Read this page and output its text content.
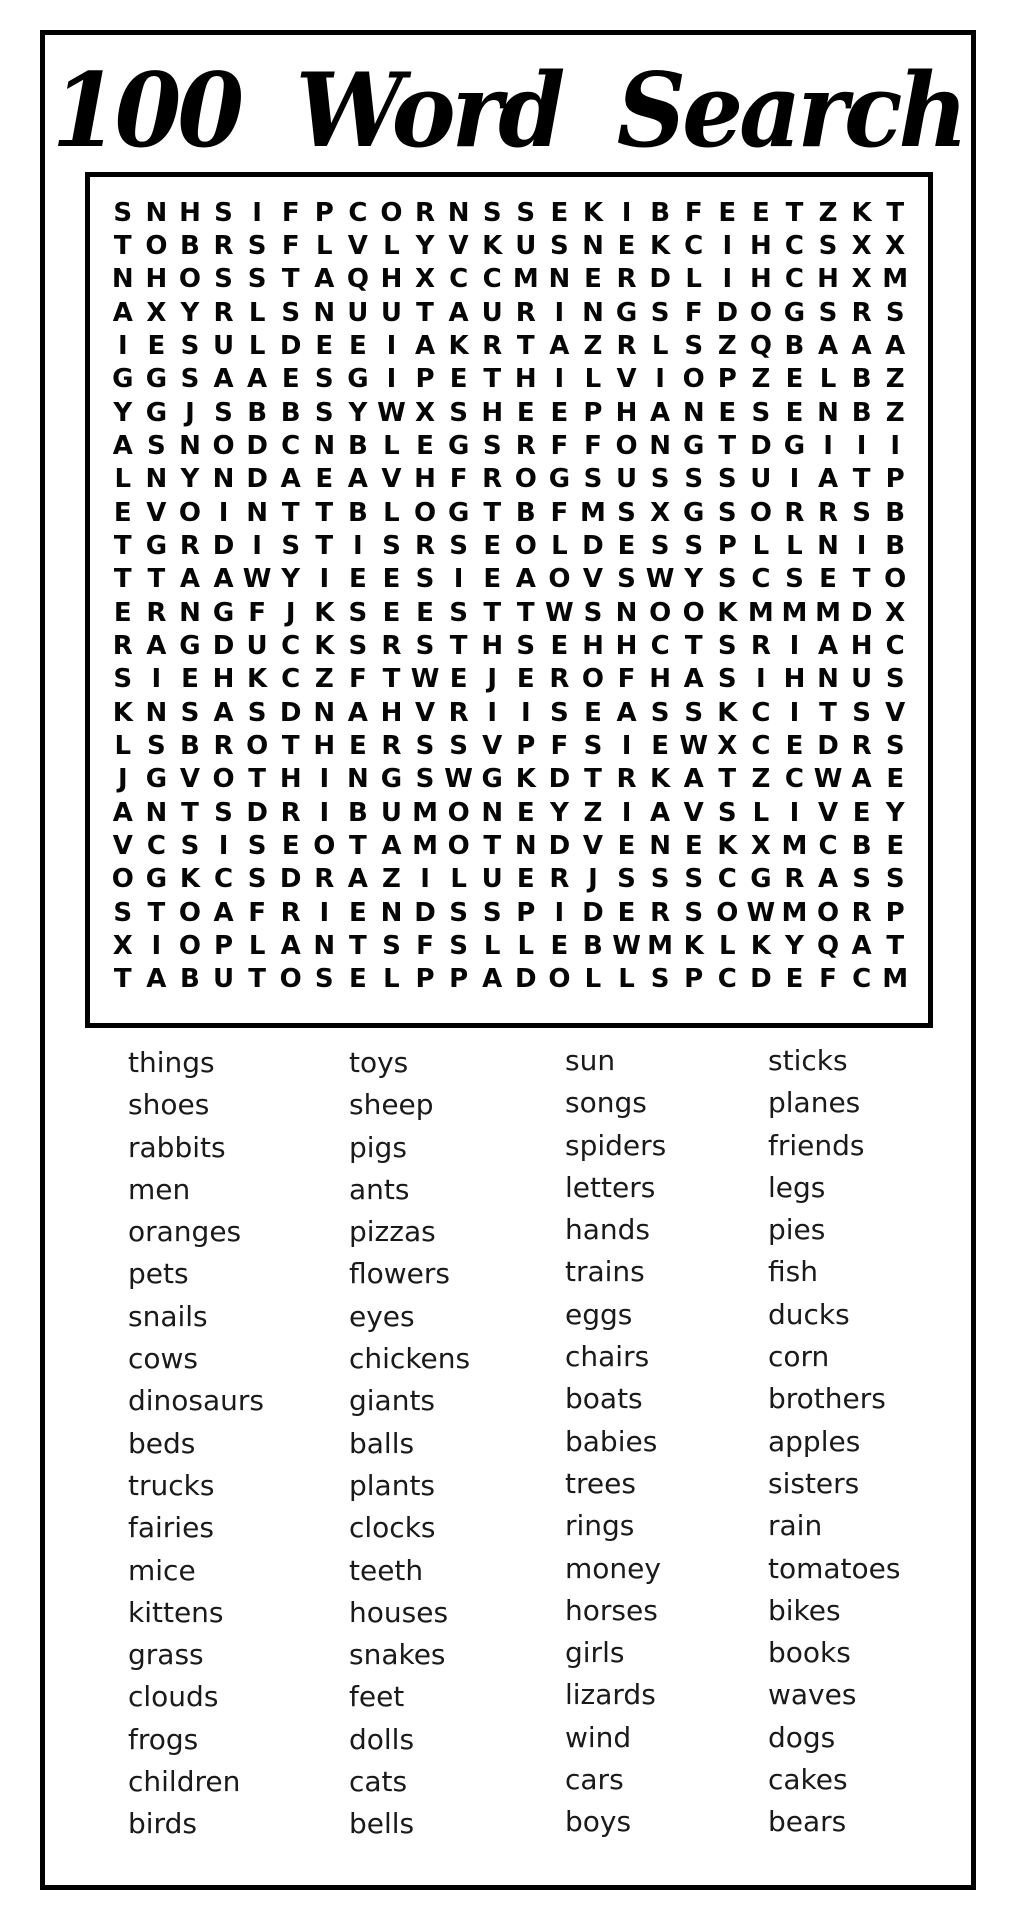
100 Word Search
S N H S I F P C O R N S S E K I B F E E T Z K T
T O B R S F L V L Y V K U S N E K C I H C S X X
N H O S S T A Q H X C C M N E R D L I H C H X M
A X Y R L S N U U T A U R I N G S F D O G S R S
I E S U L D E E I A K R T A Z R L S Z Q B A A A
G G S A A E S G I P E T H I L V I O P Z E L B Z
Y G J S B B S Y W X S H E E P H A N E S E N B Z
A S N O D C N B L E G S R F F O N G T D G I I I
L N Y N D A E A V H F R O G S U S S S U I A T P
E V O I N T T B L O G T B F M S X G S O R R S B
T G R D I S T I S R S E O L D E S S P L L N I B
T T A A W Y I E E S I E A O V S W Y S C S E T O
E R N G F J K S E E S T T W S N O O K M M M D X
R A G D U C K S R S T H S E H H C T S R I A H C
S I E H K C Z F T W E J E R O F H A S I H N U S
K N S A S D N A H V R I I S E A S S K C I T S V
L S B R O T H E R S S V P F S I E W X C E D R S
J G V O T H I N G S W G K D T R K A T Z C W A E
A N T S D R I B U M O N E Y Z I A V S L I V E Y
V C S I S E O T A M O T N D V E N E K X M C B E
O G K C S D R A Z I L U E R J S S S C G R A S S
S T O A F R I E N D S S P I D E R S O W M O R P
X I O P L A N T S F S L L E B W M K L K Y Q A T
T A B U T O S E L P P A D O L L S P C D E F C M
things
shoes
rabbits
men
oranges
pets
snails
cows
dinosaurs
beds
trucks
fairies
mice
kittens
grass
clouds
frogs
children
birds
toys
sheep
pigs
ants
pizzas
flowers
eyes
chickens
giants
balls
plants
clocks
teeth
houses
snakes
feet
dolls
cats
bells
sun
songs
spiders
letters
hands
trains
eggs
chairs
boats
babies
trees
rings
money
horses
girls
lizards
wind
cars
boys
sticks
planes
friends
legs
pies
fish
ducks
corn
brothers
apples
sisters
rain
tomatoes
bikes
books
waves
dogs
cakes
bears
